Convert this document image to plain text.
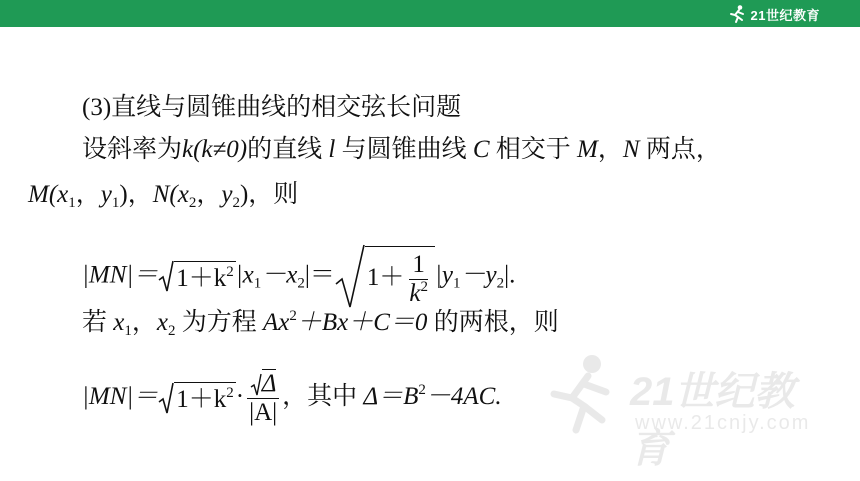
21世纪教育
(3)直线与圆锥曲线的相交弦长问题
设斜率为k(k≠0)的直线 l 与圆锥曲线 C 相交于 M，N 两点，
$M(x_1$，$y_1$)，$N(x_2$，$y_2$)，则
$|MN|= 1+k^2|x_1-x_2|= 1+ \frac{1}{k^2} |y_1-y_2|$.
若 $x_1$，$x_2$ 为方程 $Ax^2+Bx+C=0$ 的两根，则
$|MN|= 1+k^2\cdot \frac{\Delta}{|A|}$ ，其中 $\Delta=B^2-4AC$.	21世纪教育
www.21cnjy.com
